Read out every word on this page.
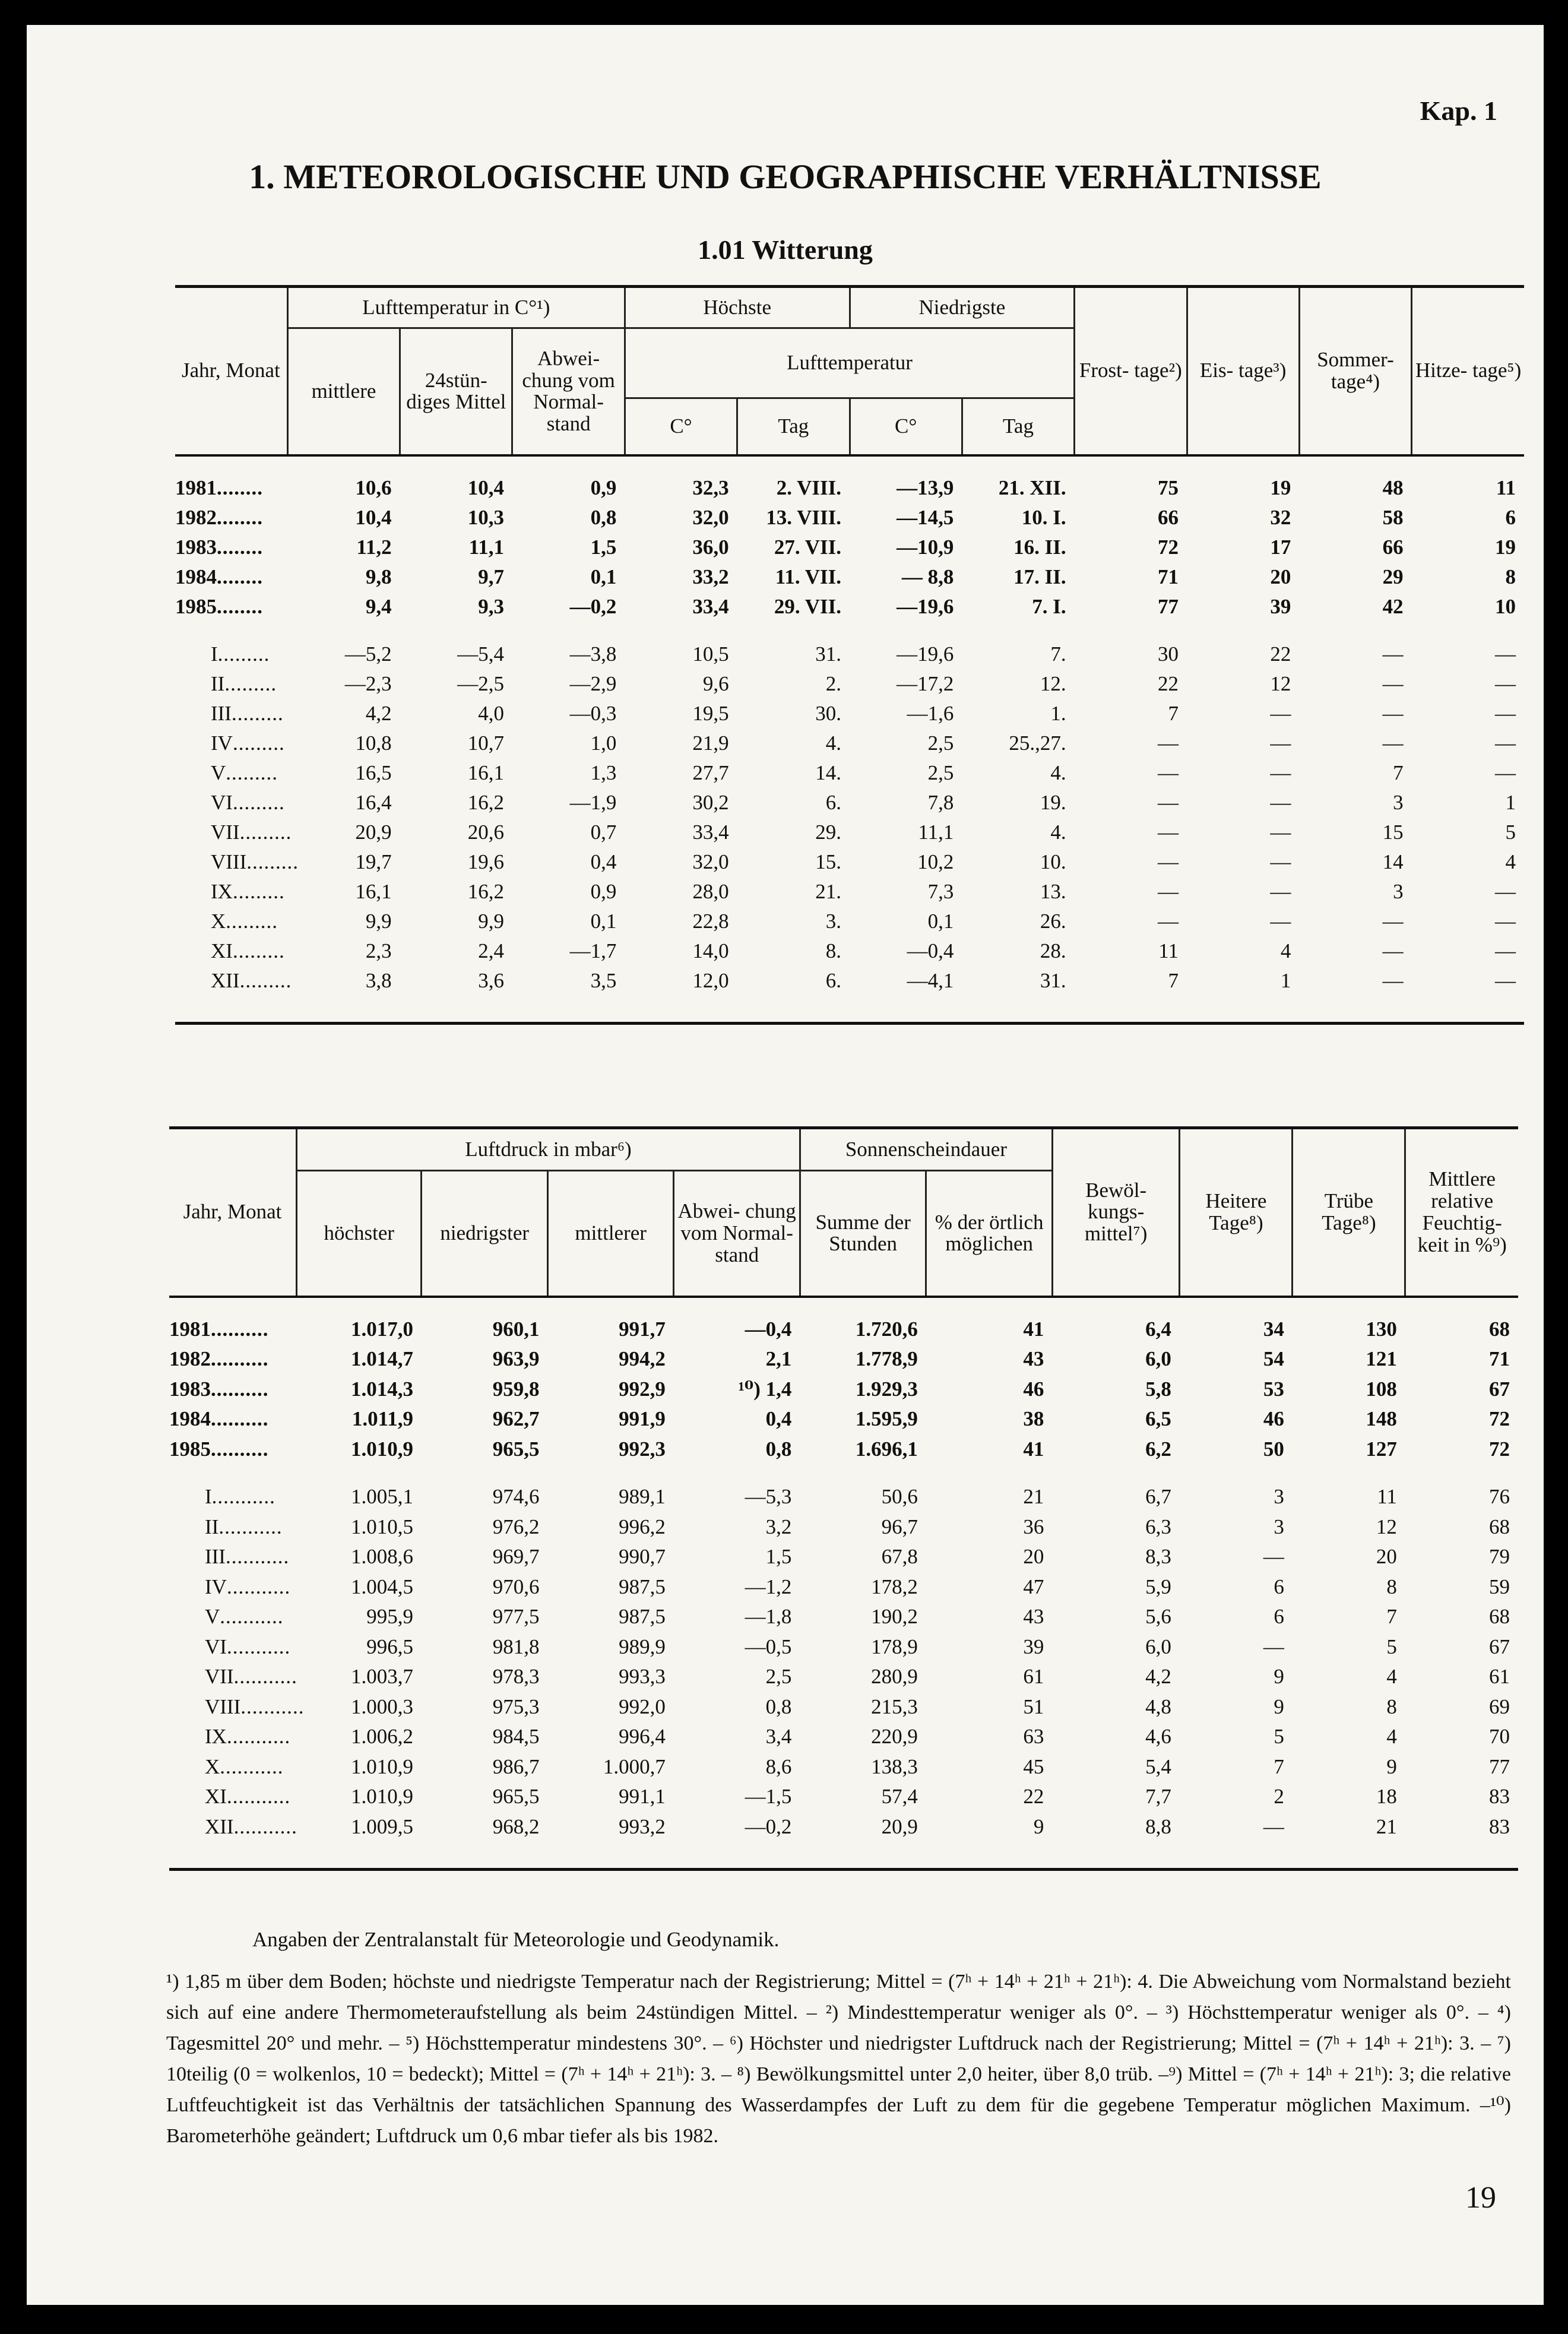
Kap. 1
1. METEOROLOGISCHE UND GEOGRAPHISCHE VERHÄLTNISSE
1.01 Witterung
Jahr, Monat	Lufttemperatur in C°¹)			Höchste		Niedrigste		Frost- tage²)	Eis- tage³)	Sommer- tage⁴)	Hitze- tage⁵)
	mittlere	24stün- diges Mittel	Abwei- chung vom Normal- stand	Lufttemperatur							
				C°	Tag	C°	Tag				

1981........	10,6	10,4	0,9	32,3	2. VIII.	—13,9	21. XII.	75	19	48	11
1982........	10,4	10,3	0,8	32,0	13. VIII.	—14,5	10. I.	66	32	58	6
1983........	11,2	11,1	1,5	36,0	27. VII.	—10,9	16. II.	72	17	66	19
1984........	9,8	9,7	0,1	33,2	11. VII.	— 8,8	17. II.	71	20	29	8
1985........	9,4	9,3	—0,2	33,4	29. VII.	—19,6	7. I.	77	39	42	10

I.........	—5,2	—5,4	—3,8	10,5	31.	—19,6	7.	30	22	—	—
II.........	—2,3	—2,5	—2,9	9,6	2.	—17,2	12.	22	12	—	—
III.........	4,2	4,0	—0,3	19,5	30.	—1,6	1.	7	—	—	—
IV.........	10,8	10,7	1,0	21,9	4.	2,5	25.,27.	—	—	—	—
V.........	16,5	16,1	1,3	27,7	14.	2,5	4.	—	—	7	—
VI.........	16,4	16,2	—1,9	30,2	6.	7,8	19.	—	—	3	1
VII.........	20,9	20,6	0,7	33,4	29.	11,1	4.	—	—	15	5
VIII.........	19,7	19,6	0,4	32,0	15.	10,2	10.	—	—	14	4
IX.........	16,1	16,2	0,9	28,0	21.	7,3	13.	—	—	3	—
X.........	9,9	9,9	0,1	22,8	3.	0,1	26.	—	—	—	—
XI.........	2,3	2,4	—1,7	14,0	8.	—0,4	28.	11	4	—	—
XII.........	3,8	3,6	3,5	12,0	6.	—4,1	31.	7	1	—	—

Jahr, Monat	Luftdruck in mbar⁶)				Sonnenscheindauer		Bewöl- kungs- mittel⁷)	Heitere Tage⁸)	Trübe Tage⁸)	Mittlere relative Feuchtig- keit in %⁹)
	höchster	niedrigster	mittlerer	Abwei- chung vom Normal- stand	Summe der Stunden	% der örtlich möglichen				

1981..........	1.017,0	960,1	991,7	—0,4	1.720,6	41	6,4	34	130	68
1982..........	1.014,7	963,9	994,2	2,1	1.778,9	43	6,0	54	121	71
1983..........	1.014,3	959,8	992,9	¹⁰) 1,4	1.929,3	46	5,8	53	108	67
1984..........	1.011,9	962,7	991,9	0,4	1.595,9	38	6,5	46	148	72
1985..........	1.010,9	965,5	992,3	0,8	1.696,1	41	6,2	50	127	72

I...........	1.005,1	974,6	989,1	—5,3	50,6	21	6,7	3	11	76
II...........	1.010,5	976,2	996,2	3,2	96,7	36	6,3	3	12	68
III...........	1.008,6	969,7	990,7	1,5	67,8	20	8,3	—	20	79
IV...........	1.004,5	970,6	987,5	—1,2	178,2	47	5,9	6	8	59
V...........	995,9	977,5	987,5	—1,8	190,2	43	5,6	6	7	68
VI...........	996,5	981,8	989,9	—0,5	178,9	39	6,0	—	5	67
VII...........	1.003,7	978,3	993,3	2,5	280,9	61	4,2	9	4	61
VIII...........	1.000,3	975,3	992,0	0,8	215,3	51	4,8	9	8	69
IX...........	1.006,2	984,5	996,4	3,4	220,9	63	4,6	5	4	70
X...........	1.010,9	986,7	1.000,7	8,6	138,3	45	5,4	7	9	77
XI...........	1.010,9	965,5	991,1	—1,5	57,4	22	7,7	2	18	83
XII...........	1.009,5	968,2	993,2	—0,2	20,9	9	8,8	—	21	83

Angaben der Zentralanstalt für Meteorologie und Geodynamik.
¹) 1,85 m über dem Boden; höchste und niedrigste Temperatur nach der Registrierung; Mittel = (7ʰ + 14ʰ + 21ʰ + 21ʰ): 4. Die Abweichung vom Normalstand bezieht sich auf eine andere Thermometeraufstellung als beim 24stündigen Mittel. – ²) Mindesttemperatur weniger als 0°. – ³) Höchsttemperatur weniger als 0°. – ⁴) Tagesmittel 20° und mehr. – ⁵) Höchsttemperatur mindestens 30°. – ⁶) Höchster und niedrigster Luftdruck nach der Registrierung; Mittel = (7ʰ + 14ʰ + 21ʰ): 3. – ⁷) 10teilig (0 = wolkenlos, 10 = bedeckt); Mittel = (7ʰ + 14ʰ + 21ʰ): 3. – ⁸) Bewölkungsmittel unter 2,0 heiter, über 8,0 trüb. –⁹) Mittel = (7ʰ + 14ʰ + 21ʰ): 3; die relative Luftfeuchtigkeit ist das Verhältnis der tatsächlichen Spannung des Wasserdampfes der Luft zu dem für die gegebene Temperatur möglichen Maximum. –¹⁰) Barometerhöhe geändert; Luftdruck um 0,6 mbar tiefer als bis 1982.
19
